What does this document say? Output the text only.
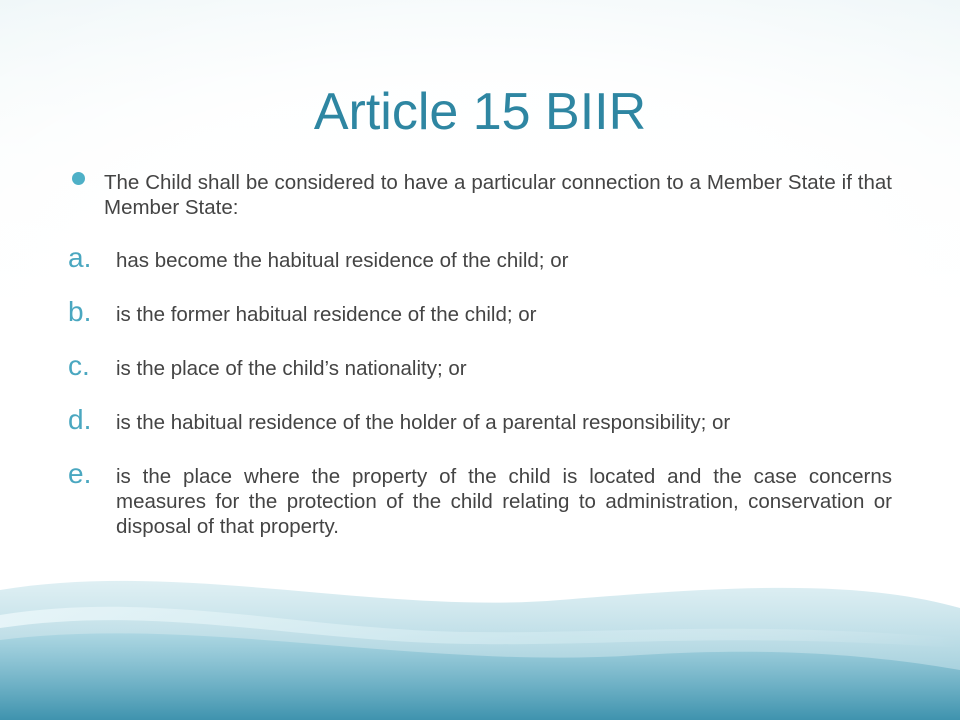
Article 15 BIIR
The Child shall be considered to have a particular connection to a Member State if that Member State:
a. has become the habitual residence of the child; or
b. is the former habitual residence of the child; or
c. is the place of the child’s nationality; or
d. is the habitual residence of the holder of a parental responsibility; or
e. is the place where the property of the child is located and the case concerns measures for the protection of the child relating to administration, conservation or disposal of that property.
